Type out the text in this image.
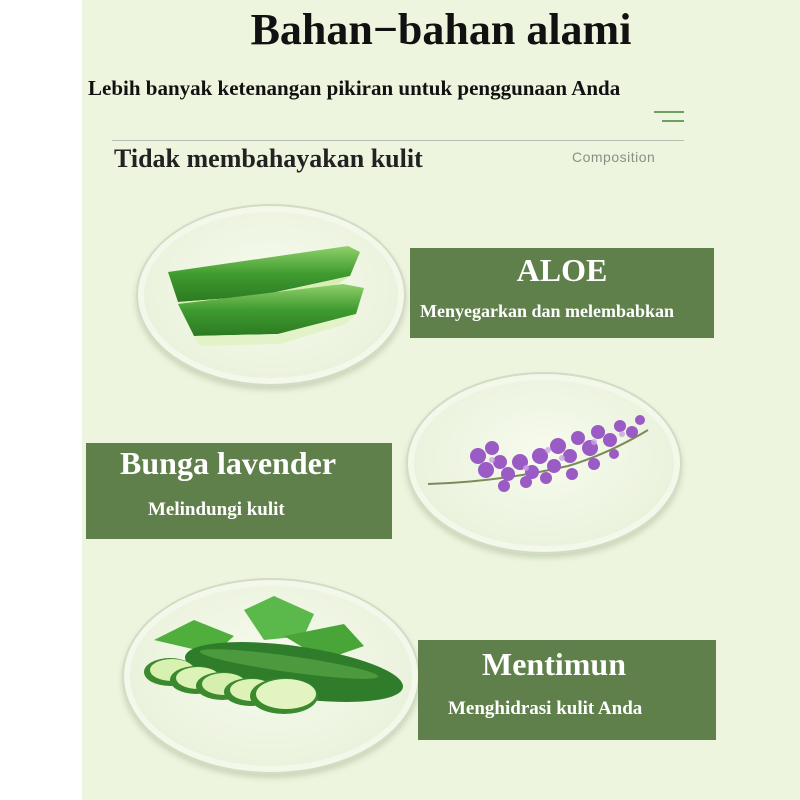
Bahan−bahan alami
Lebih banyak ketenangan pikiran untuk penggunaan Anda
Tidak membahayakan kulit	Composition
ALOE
Menyegarkan dan melembabkan
Bunga lavender
Melindungi kulit
Mentimun
Menghidrasi kulit Anda
